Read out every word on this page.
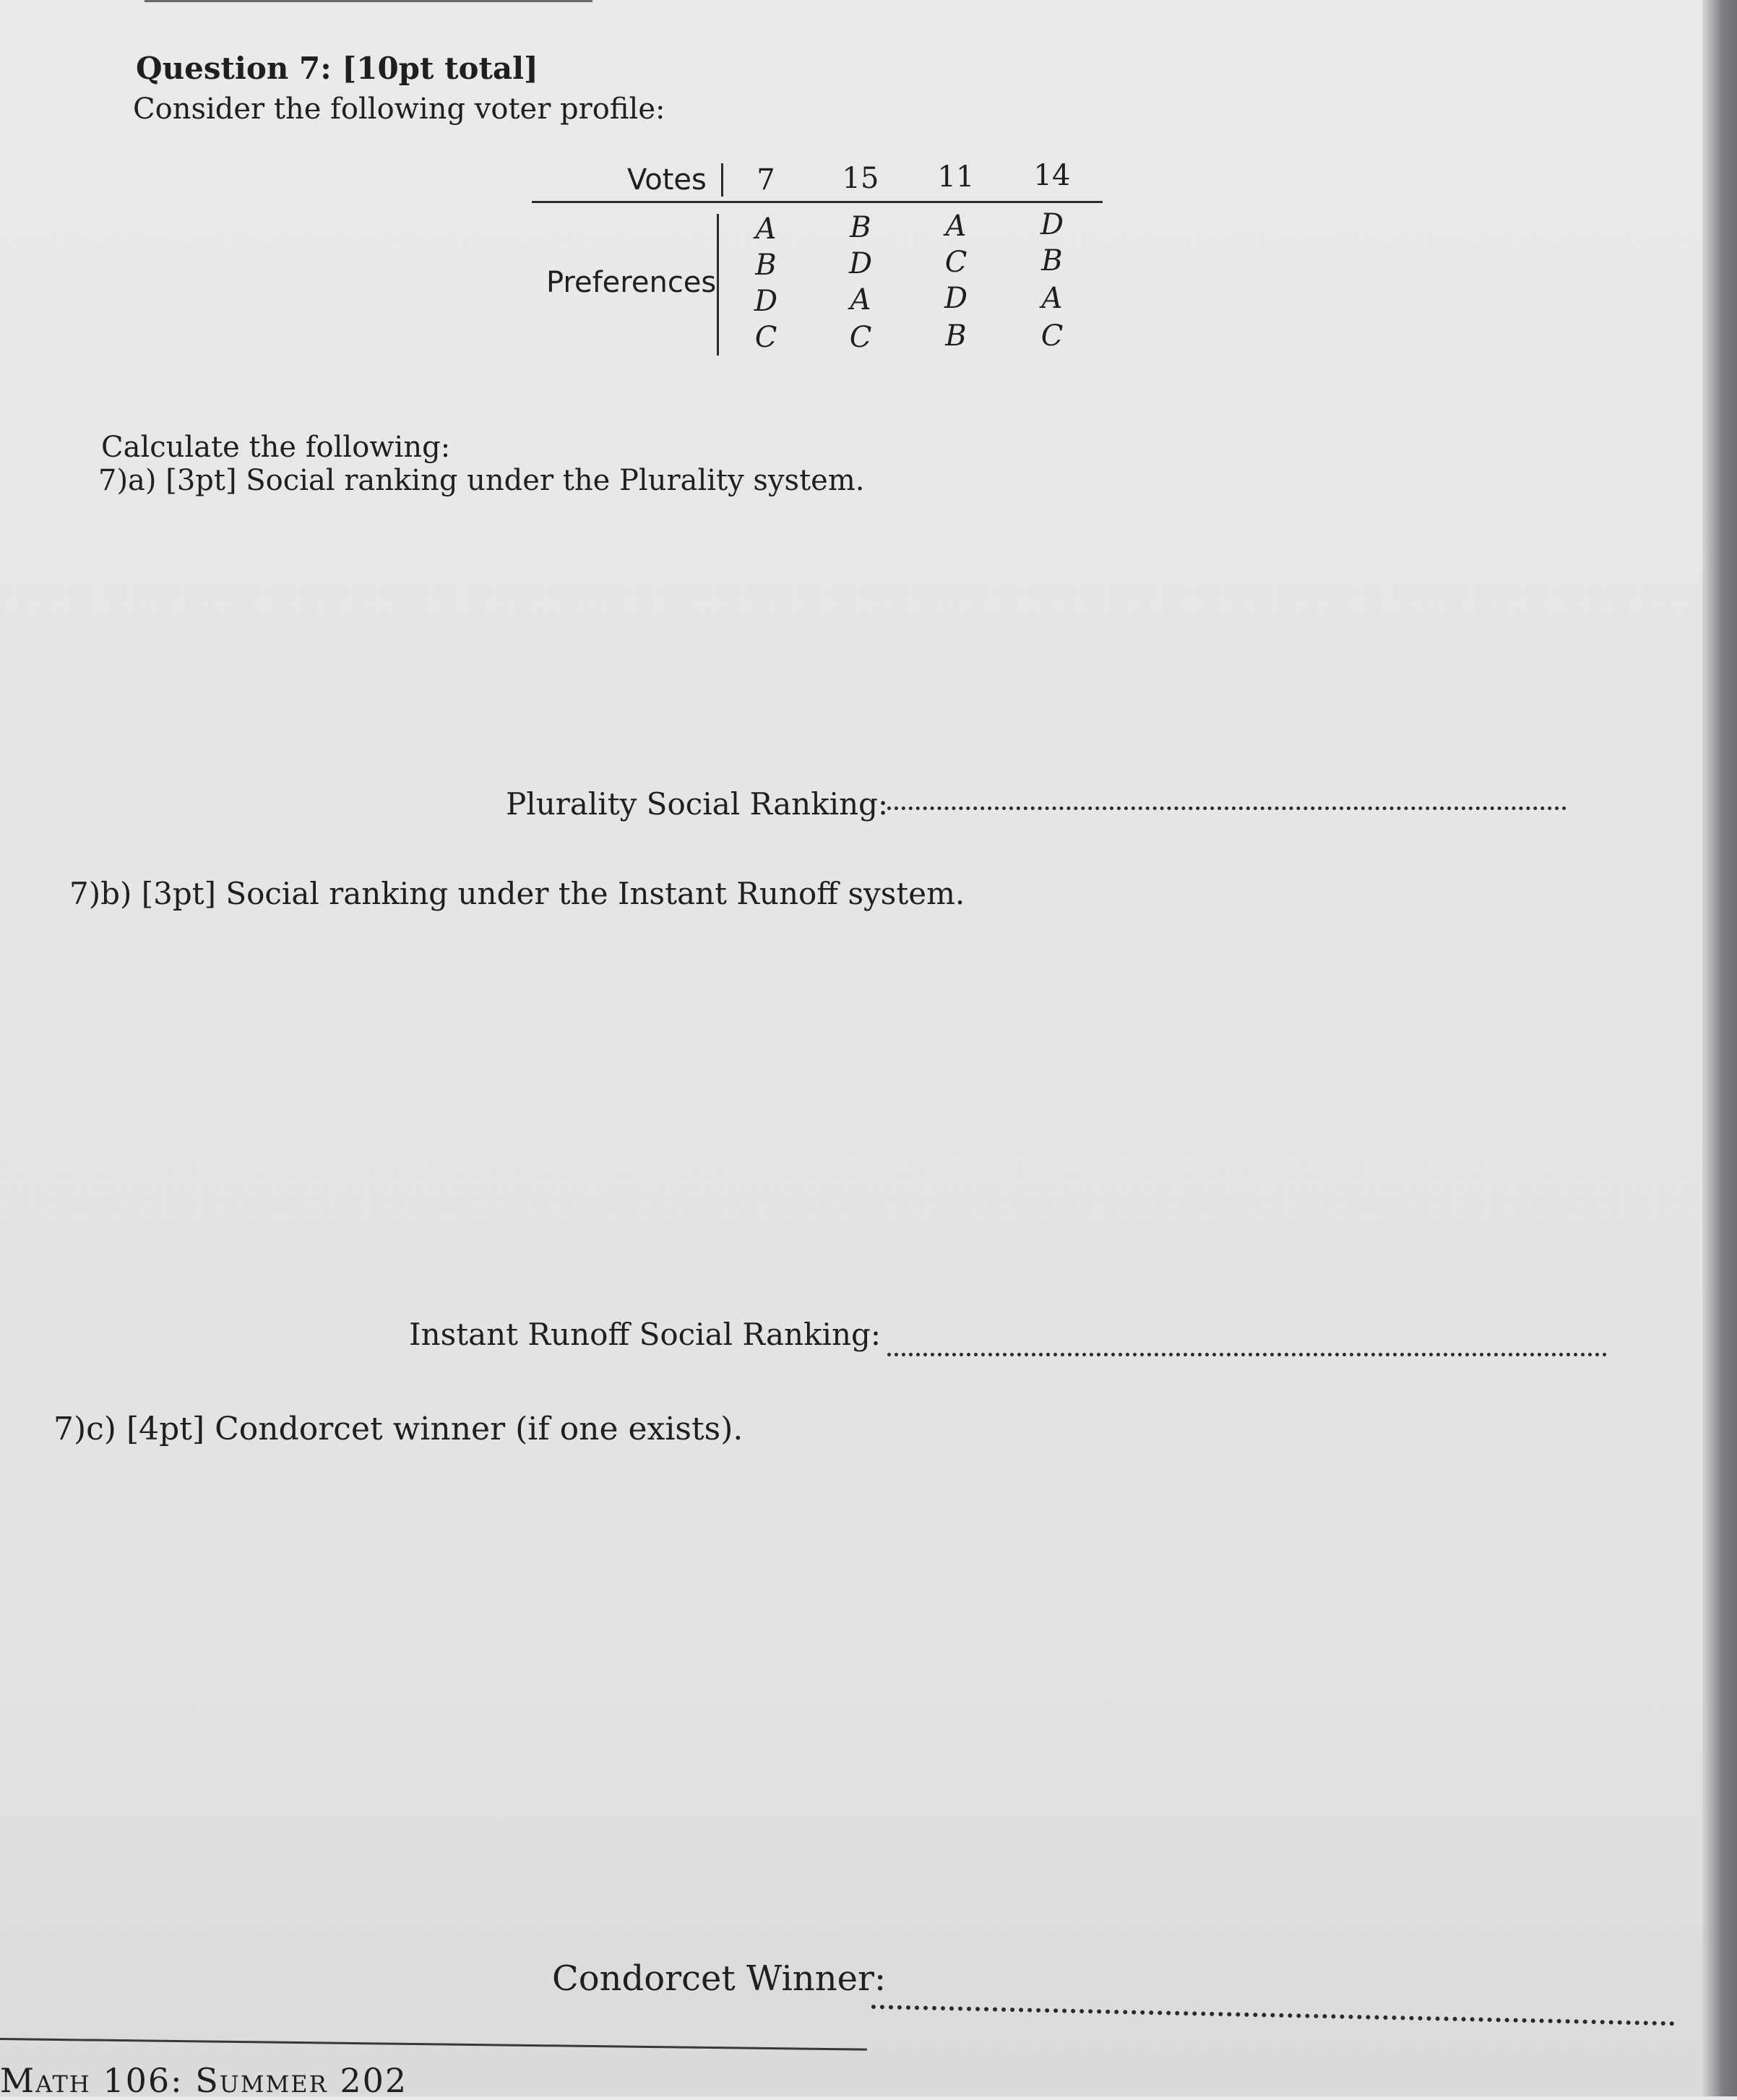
Question 7: [10pt total]
Consider the following voter profile:
Votes
Preferences
7
A
B
D
C
15
B
D
A
C
11
A
C
D
B
14
D
B
A
C
Calculate the following:
7)a) [3pt] Social ranking under the Plurality system.
Plurality Social Ranking:
7)b) [3pt] Social ranking under the Instant Runoff system.
Instant Runoff Social Ranking:
7)c) [4pt] Condorcet winner (if one exists).
Condorcet Winner:
Math 106: Summer 202
